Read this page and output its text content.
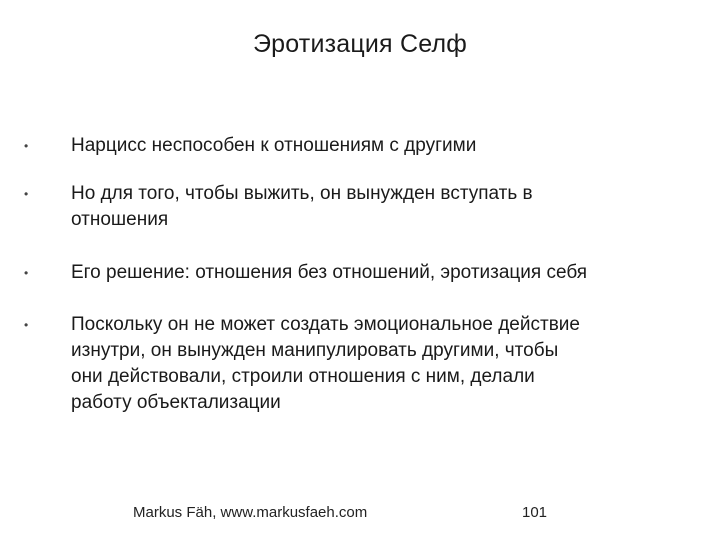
Эротизация Селф
•	Нарцисс неспособен к отношениям с другими
•	Но для того, чтобы выжить, он вынужден вступать в
отношения
•	Его решение: отношения без отношений, эротизация себя
•	Поскольку он не может создать эмоциональное действие
изнутри, он вынужден манипулировать другими, чтобы
они действовали, строили отношения с ним, делали
работу объектализации
Markus Fäh, www.markusfaeh.com	101
